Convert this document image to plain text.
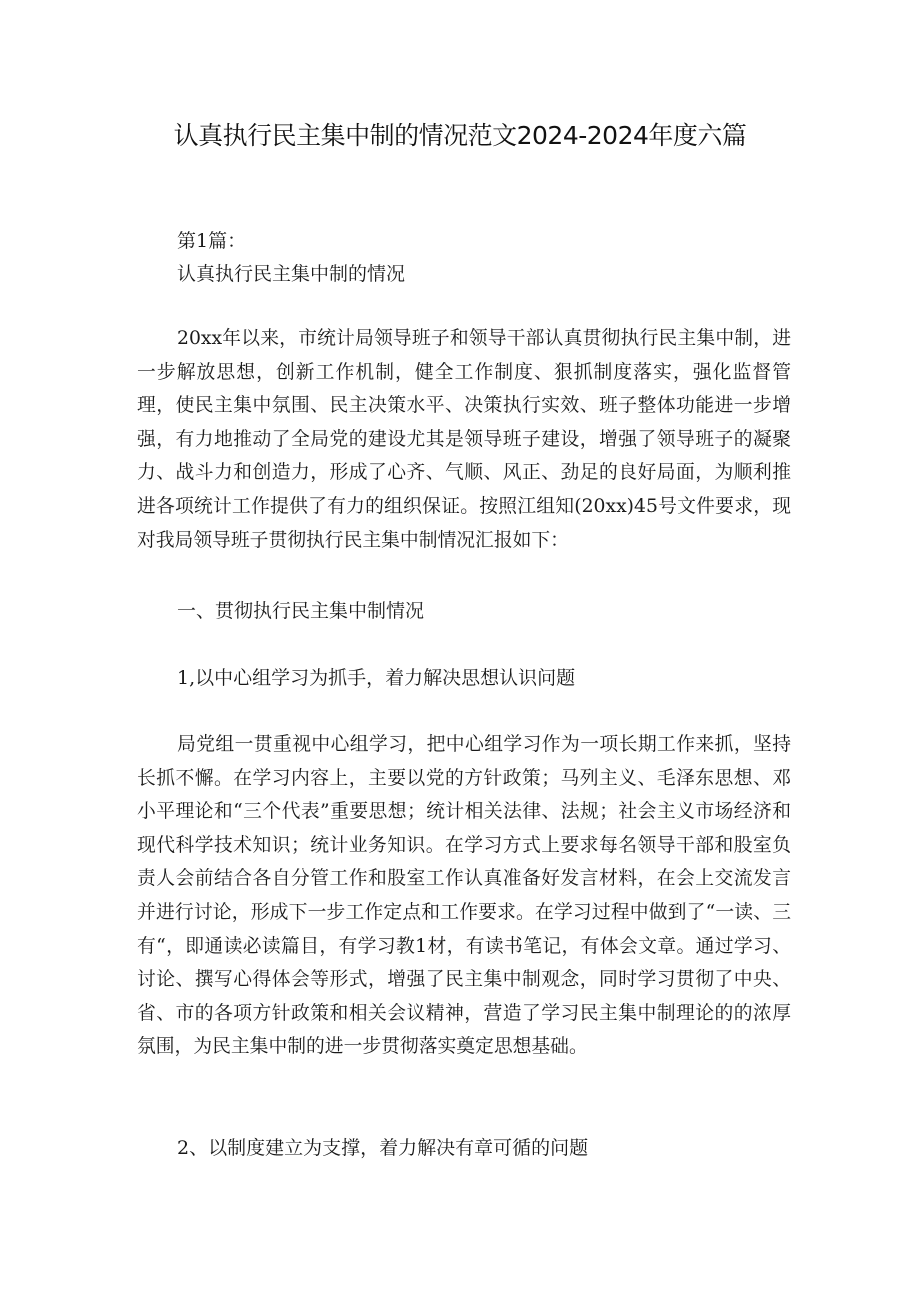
认真执行民主集中制的情况范文2024-2024年度六篇
第1篇：
认真执行民主集中制的情况
20xx年以来，市统计局领导班子和领导干部认真贯彻执行民主集中制，进一步解放思想，创新工作机制，健全工作制度、狠抓制度落实，强化监督管理，使民主集中氛围、民主决策水平、决策执行实效、班子整体功能进一步增强，有力地推动了全局党的建设尤其是领导班子建设，增强了领导班子的凝聚力、战斗力和创造力，形成了心齐、气顺、风正、劲足的良好局面，为顺利推进各项统计工作提供了有力的组织保证。按照江组知(20xx)45号文件要求，现对我局领导班子贯彻执行民主集中制情况汇报如下：
一、贯彻执行民主集中制情况
1,以中心组学习为抓手，着力解决思想认识问题
局党组一贯重视中心组学习，把中心组学习作为一项长期工作来抓，坚持长抓不懈。在学习内容上，主要以党的方针政策；马列主义、毛泽东思想、邓小平理论和“三个代表”重要思想；统计相关法律、法规；社会主义市场经济和现代科学技术知识；统计业务知识。在学习方式上要求每名领导干部和股室负责人会前结合各自分管工作和股室工作认真准备好发言材料，在会上交流发言并进行讨论，形成下一步工作定点和工作要求。在学习过程中做到了“一读、三有“，即通读必读篇目，有学习教1材，有读书笔记，有体会文章。通过学习、讨论、撰写心得体会等形式，增强了民主集中制观念，同时学习贯彻了中央、省、市的各项方针政策和相关会议精神，营造了学习民主集中制理论的的浓厚氛围，为民主集中制的进一步贯彻落实奠定思想基础。
2、以制度建立为支撑，着力解决有章可循的问题
